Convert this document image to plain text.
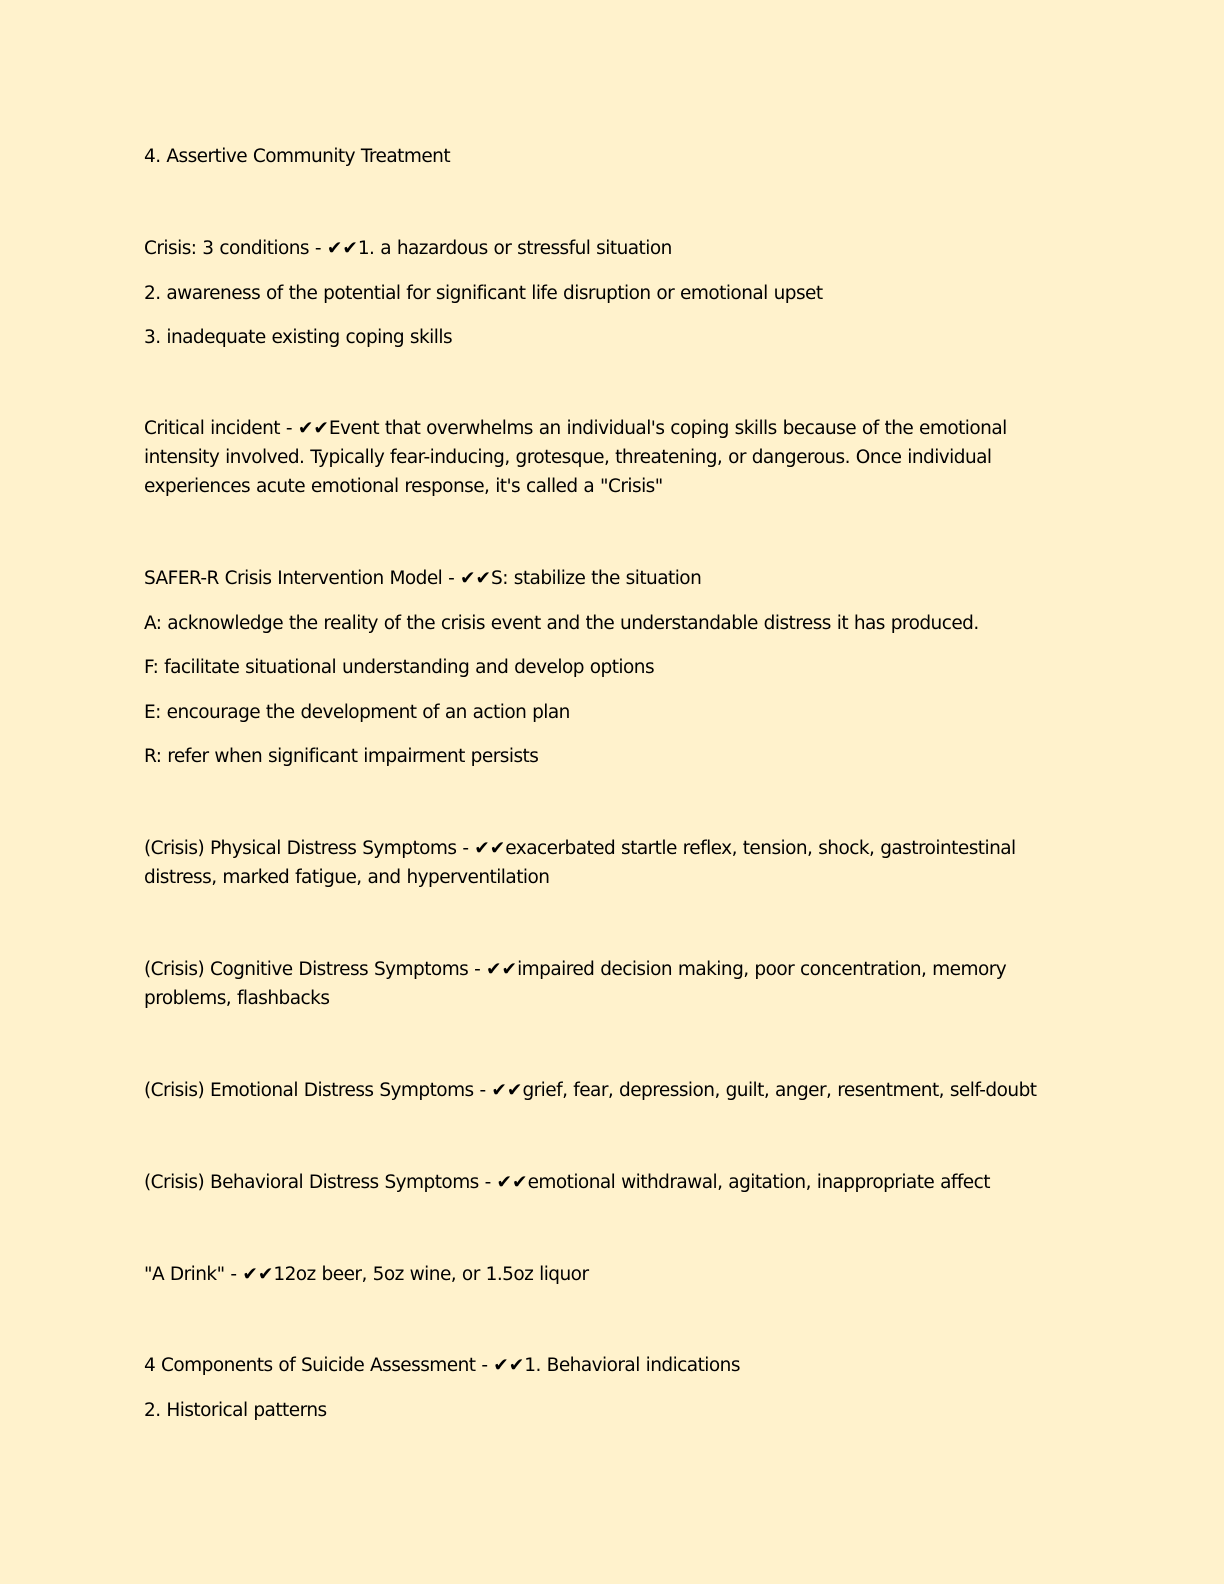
4. Assertive Community Treatment
Crisis: 3 conditions - ✔✔1. a hazardous or stressful situation
2. awareness of the potential for significant life disruption or emotional upset
3. inadequate existing coping skills
Critical incident - ✔✔Event that overwhelms an individual's coping skills because of the emotional intensity involved. Typically fear-inducing, grotesque, threatening, or dangerous. Once individual experiences acute emotional response, it's called a "Crisis"
SAFER-R Crisis Intervention Model - ✔✔S: stabilize the situation
A: acknowledge the reality of the crisis event and the understandable distress it has produced.
F: facilitate situational understanding and develop options
E: encourage the development of an action plan
R: refer when significant impairment persists
(Crisis) Physical Distress Symptoms - ✔✔exacerbated startle reflex, tension, shock, gastrointestinal distress, marked fatigue, and hyperventilation
(Crisis) Cognitive Distress Symptoms - ✔✔impaired decision making, poor concentration, memory problems, flashbacks
(Crisis) Emotional Distress Symptoms - ✔✔grief, fear, depression, guilt, anger, resentment, self-doubt
(Crisis) Behavioral Distress Symptoms - ✔✔emotional withdrawal, agitation, inappropriate affect
"A Drink" - ✔✔12oz beer, 5oz wine, or 1.5oz liquor
4 Components of Suicide Assessment - ✔✔1. Behavioral indications
2. Historical patterns
